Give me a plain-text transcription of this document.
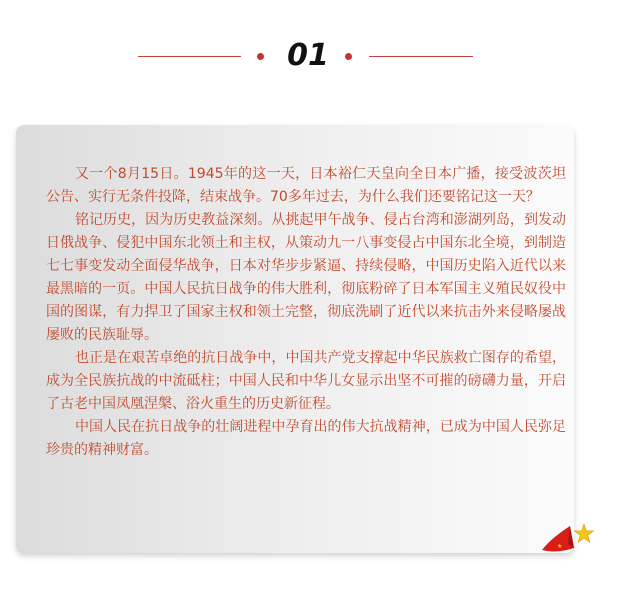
01

又一个8月15日。1945年的这一天，日本裕仁天皇向全日本广播，接受波茨坦公告、实行无条件投降，结束战争。70多年过去，为什么我们还要铭记这一天？

铭记历史，因为历史教益深刻。从挑起甲午战争、侵占台湾和澎湖列岛，到发动日俄战争、侵犯中国东北领土和主权，从策动九一八事变侵占中国东北全境，到制造七七事变发动全面侵华战争，日本对华步步紧逼、持续侵略，中国历史陷入近代以来最黑暗的一页。中国人民抗日战争的伟大胜利，彻底粉碎了日本军国主义殖民奴役中国的图谋，有力捍卫了国家主权和领土完整，彻底洗刷了近代以来抗击外来侵略屡战屡败的民族耻辱。

也正是在艰苦卓绝的抗日战争中，中国共产党支撑起中华民族救亡图存的希望，成为全民族抗战的中流砥柱；中国人民和中华儿女显示出坚不可摧的磅礴力量，开启了古老中国凤凰涅槃、浴火重生的历史新征程。

中国人民在抗日战争的壮阔进程中孕育出的伟大抗战精神，已成为中国人民弥足珍贵的精神财富。
